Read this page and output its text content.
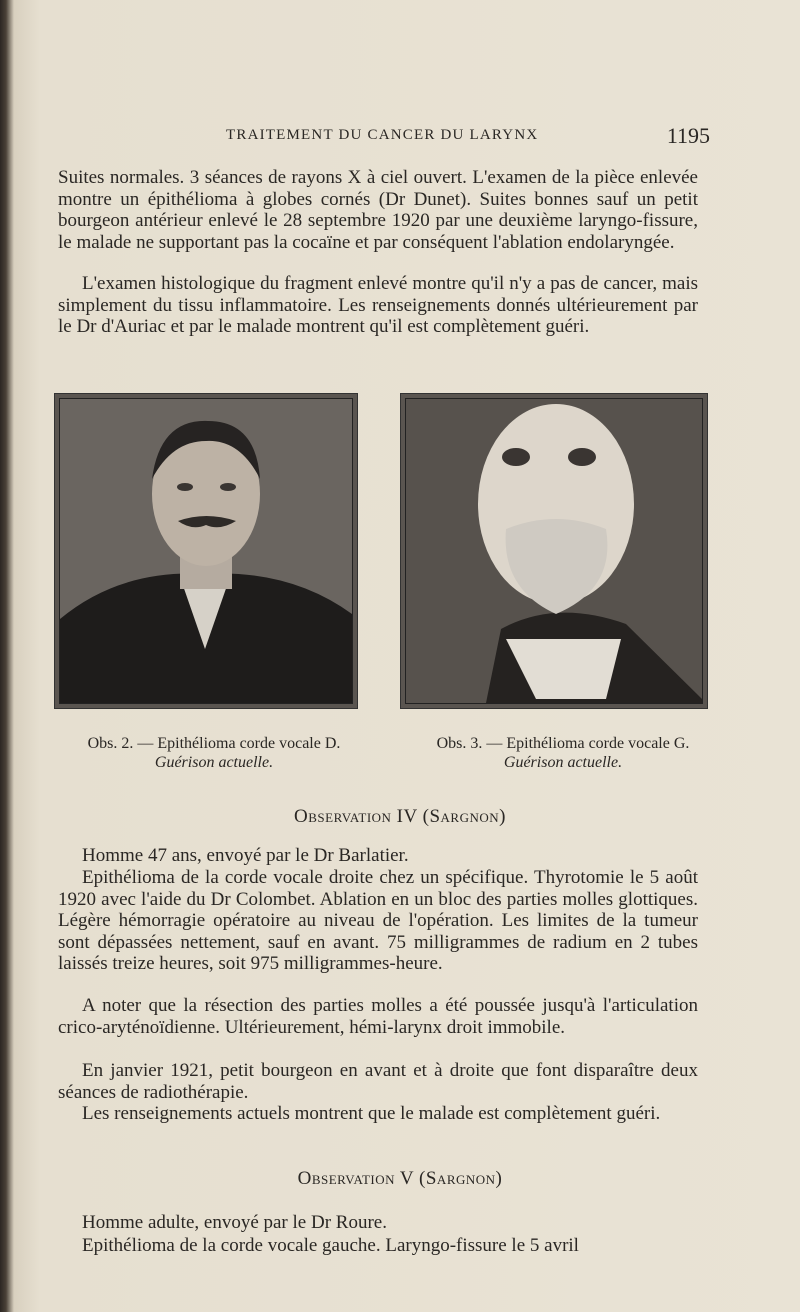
TRAITEMENT DU CANCER DU LARYNX	1195

Suites normales. 3 séances de rayons X à ciel ouvert. L'examen de la pièce enlevée montre un épithélioma à globes cornés (Dr Dunet). Suites bonnes sauf un petit bourgeon antérieur enlevé le 28 septembre 1920 par une deuxième laryngo-fissure, le malade ne supportant pas la cocaïne et par conséquent l'ablation endolaryngée.

L'examen histologique du fragment enlevé montre qu'il n'y a pas de cancer, mais simplement du tissu inflammatoire. Les renseignements donnés ultérieurement par le Dr d'Auriac et par le malade montrent qu'il est complètement guéri.

Obs. 2. — Epithélioma corde vocale D.
Guérison actuelle.
Obs. 3. — Epithélioma corde vocale G.
Guérison actuelle.
Observation IV (Sargnon)

Homme 47 ans, envoyé par le Dr Barlatier.

Epithélioma de la corde vocale droite chez un spécifique. Thyrotomie le 5 août 1920 avec l'aide du Dr Colombet. Ablation en un bloc des parties molles glottiques. Légère hémorragie opératoire au niveau de l'opération. Les limites de la tumeur sont dépassées nettement, sauf en avant. 75 milligrammes de radium en 2 tubes laissés treize heures, soit 975 milligrammes-heure.

A noter que la résection des parties molles a été poussée jusqu'à l'articulation crico-aryténoïdienne. Ultérieurement, hémi-larynx droit immobile.

En janvier 1921, petit bourgeon en avant et à droite que font disparaître deux séances de radiothérapie.

Les renseignements actuels montrent que le malade est complètement guéri.

Observation V (Sargnon)

Homme adulte, envoyé par le Dr Roure.

Epithélioma de la corde vocale gauche. Laryngo-fissure le 5 avril
